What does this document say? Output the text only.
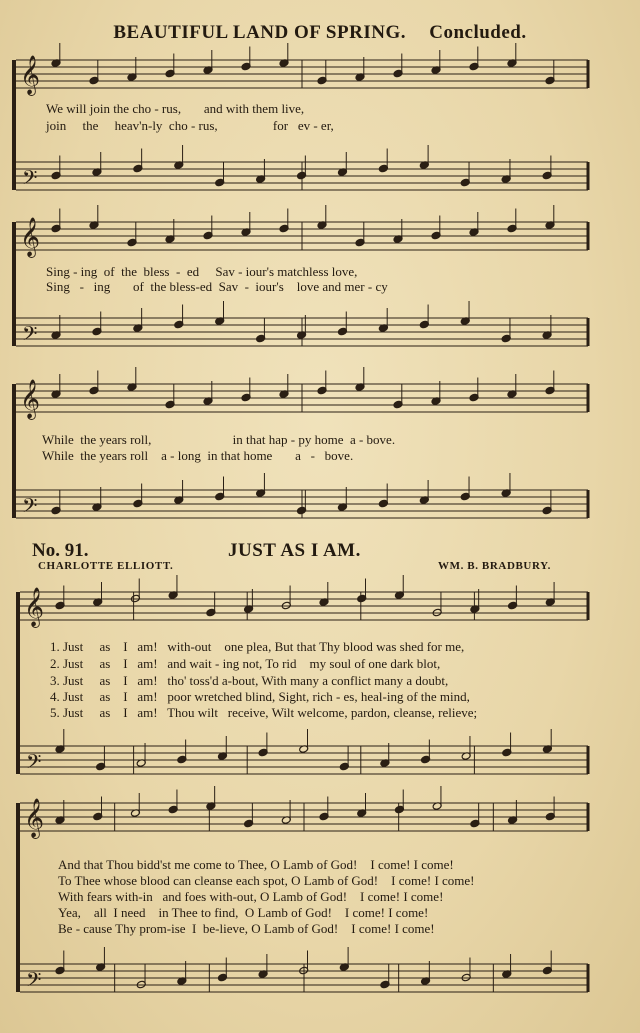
𝄞
𝄢
𝄞
𝄢
𝄞
𝄢
𝄞
𝄢
𝄞
𝄢
BEAUTIFUL LAND OF SPRING. Concluded.
We will join the cho - rus,       and with them live,
join     the     heav'n-ly  cho - rus,                 for   ev - er,
Sing - ing  of  the  bless  -  ed     Sav - iour's matchless love,
Sing   -   ing       of  the bless-ed  Sav  -  iour's    love and mer - cy
While  the years roll,                         in that hap - py home  a - bove.
While  the years roll    a - long  in that home       a   -   bove.
No. 91.	JUST AS I AM.
CHARLOTTE ELLIOTT.	WM. B. BRADBURY.
1. Just     as    I   am!   with-out    one plea, But that Thy blood was shed for me,
2. Just     as    I   am!   and wait - ing not, To rid    my soul of one dark blot,
3. Just     as    I   am!   tho' toss'd a-bout, With many a conflict many a doubt,
4. Just     as    I   am!   poor wretched blind, Sight, rich - es, heal-ing of the mind,
5. Just     as    I   am!   Thou wilt   receive, Wilt welcome, pardon, cleanse, relieve;
And that Thou bidd'st me come to Thee, O Lamb of God!    I come! I come!
To Thee whose blood can cleanse each spot, O Lamb of God!    I come! I come!
With fears with-in   and foes with-out, O Lamb of God!    I come! I come!
Yea,    all  I need    in Thee to find,  O Lamb of God!    I come! I come!
Be - cause Thy prom-ise  I  be-lieve, O Lamb of God!    I come! I come!
